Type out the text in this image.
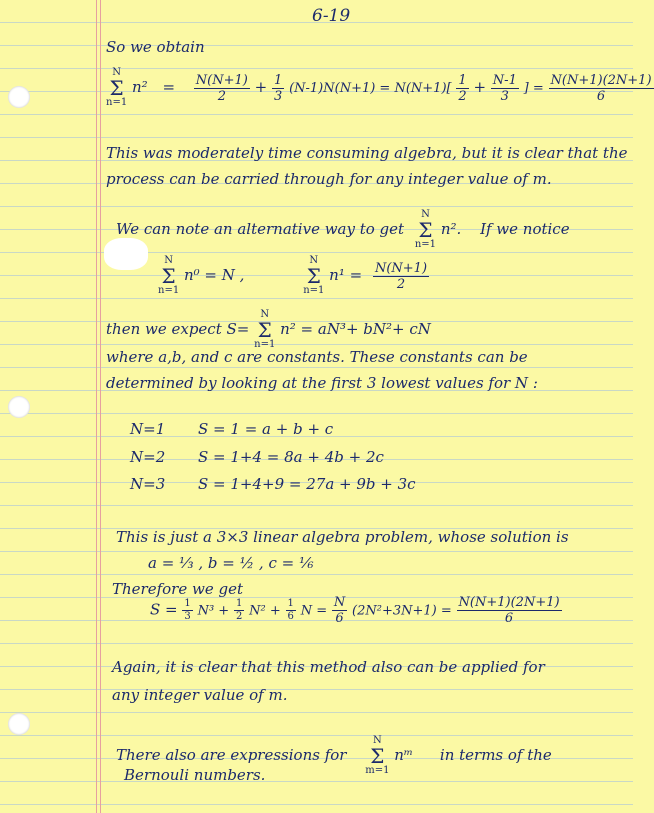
6-19
So we obtain
N
Σ
n=1
$n^2 = \frac{N(N+1)}{2} + \frac{1}{3} (N-1)N(N+1) = N(N+1)[ \frac{1}{2} + \frac{N-1}{3}$ ] = $\frac{N(N+1)(2N+1)}{6}$
This was moderately time consuming algebra, but it is clear that the
process can be carried through for any integer value of m.
We can note an alternative way to get
N
Σ
n=1
n². If we notice
N
Σ
n=1
n⁰ = N ,
N
Σ
n=1
$n^1 = \frac{N(N+1)}{2}$
then we expect S=
N
Σ
n=1
n² = aN³+ bN²+ cN
where a,b, and c are constants. These constants can be
determined by looking at the first 3 lowest values for N :
N=1 S = 1 = a + b + c
N=2 S = 1+4 = 8a + 4b + 2c
N=3 S = 1+4+9 = 27a + 9b + 3c
This is just a 3×3 linear algebra problem, whose solution is
a = ⅓ , b = ½ , c = ⅙
Therefore we get
$S = \frac{1}{3} N^3 + \frac{1}{2} N^2 + \frac{1}{6}$ $N = \frac{N}{6} (2N^2+3N+1) = \frac{N(N+1)(2N+1)}{6}$
Again, it is clear that this method also can be applied for
any integer value of m.
There also are expressions for
N
Σ
m=1
nᵐ in terms of the
Bernouli numbers.
